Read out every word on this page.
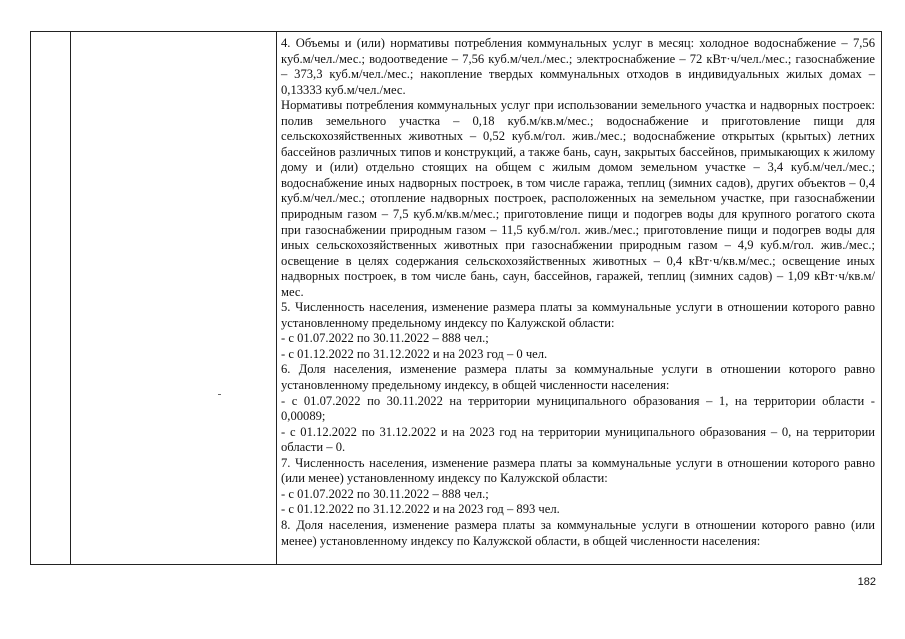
4. Объемы и (или) нормативы потребления коммунальных услуг в месяц: холодное водоснабжение – 7,56 куб.м/чел./мес.; водоотведение – 7,56 куб.м/чел./мес.; электроснабжение – 72 кВт·ч/чел./мес.; газоснабжение – 373,3 куб.м/чел./мес.; накопление твердых коммунальных отходов в индивидуальных жилых домах – 0,13333 куб.м/чел./мес.

Нормативы потребления коммунальных услуг при использовании земельного участка и надворных построек: полив земельного участка – 0,18 куб.м/кв.м/мес.; водоснабжение и приготовление пищи для сельскохозяйственных животных – 0,52 куб.м/гол. жив./мес.; водоснабжение открытых (крытых) летних бассейнов различных типов и конструкций, а также бань, саун, закрытых бассейнов, примыкающих к жилому дому и (или) отдельно стоящих на общем с жилым домом земельном участке – 3,4 куб.м/чел./мес.; водоснабжение иных надворных построек, в том числе гаража, теплиц (зимних садов), других объектов – 0,4 куб.м/чел./мес.; отопление надворных построек, расположенных на земельном участке, при газоснабжении природным газом – 7,5 куб.м/кв.м/мес.; приготовление пищи и подогрев воды для крупного рогатого скота при газоснабжении природным газом – 11,5 куб.м/гол. жив./мес.; приготовление пищи и подогрев воды для иных сельскохозяйственных животных при газоснабжении природным газом – 4,9 куб.м/гол. жив./мес.; освещение в целях содержания сельскохозяйственных животных – 0,4 кВт·ч/кв.м/мес.; освещение иных надворных построек, в том числе бань, саун, бассейнов, гаражей, теплиц (зимних садов) – 1,09 кВт·ч/кв.м/мес.

5. Численность населения, изменение размера платы за коммунальные услуги в отношении которого равно установленному предельному индексу по Калужской области:

- с 01.07.2022 по 30.11.2022 – 888 чел.;

- с 01.12.2022 по 31.12.2022 и на 2023 год – 0 чел.

6. Доля населения, изменение размера платы за коммунальные услуги в отношении которого равно установленному предельному индексу, в общей численности населения:

- с 01.07.2022 по 30.11.2022 на территории муниципального образования – 1, на территории области - 0,00089;

- с 01.12.2022 по 31.12.2022 и на 2023 год на территории муниципального образования – 0, на территории области – 0.

7. Численность населения, изменение размера платы за коммунальные услуги в отношении которого равно (или менее) установленному индексу по Калужской области:

- с 01.07.2022 по 30.11.2022 – 888 чел.;

- с 01.12.2022 по 31.12.2022 и на 2023 год – 893 чел.

8. Доля населения, изменение размера платы за коммунальные услуги в отношении которого равно (или менее) установленному индексу по Калужской области, в общей численности населения:

182
